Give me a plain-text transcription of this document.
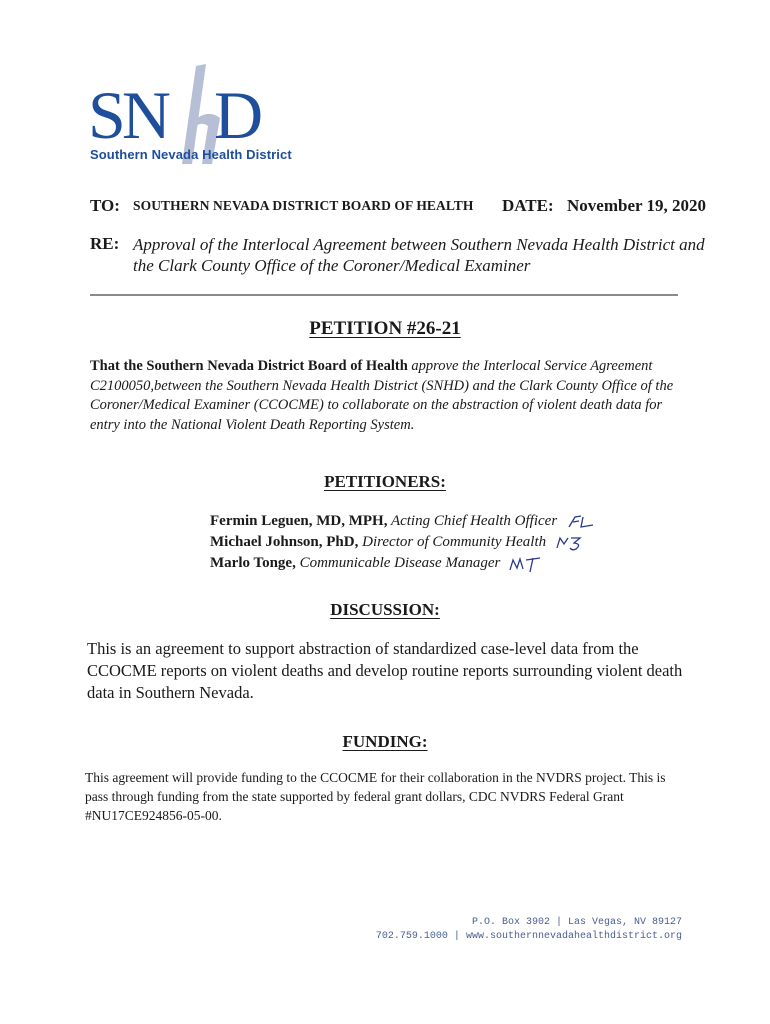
SN D
Southern Nevada Health District
TO: SOUTHERN NEVADA DISTRICT BOARD OF HEALTH DATE: November 19, 2020
RE: Approval of the Interlocal Agreement between Southern Nevada Health District and the Clark County Office of the Coroner/Medical Examiner
PETITION #26-21
That the Southern Nevada District Board of Health approve the Interlocal Service Agreement C2100050,between the Southern Nevada Health District (SNHD) and the Clark County Office of the Coroner/Medical Examiner (CCOCME) to collaborate on the abstraction of violent death data for entry into the National Violent Death Reporting System.
PETITIONERS:
Fermin Leguen, MD, MPH, Acting Chief Health Officer
Michael Johnson, PhD, Director of Community Health
Marlo Tonge, Communicable Disease Manager
DISCUSSION:
This is an agreement to support abstraction of standardized case-level data from the CCOCME reports on violent deaths and develop routine reports surrounding violent death data in Southern Nevada.
FUNDING:
This agreement will provide funding to the CCOCME for their collaboration in the NVDRS project. This is pass through funding from the state supported by federal grant dollars, CDC NVDRS Federal Grant #NU17CE924856-05-00.
P.O. Box 3902 | Las Vegas, NV 89127
702.759.1000 | www.southernnevadahealthdistrict.org
